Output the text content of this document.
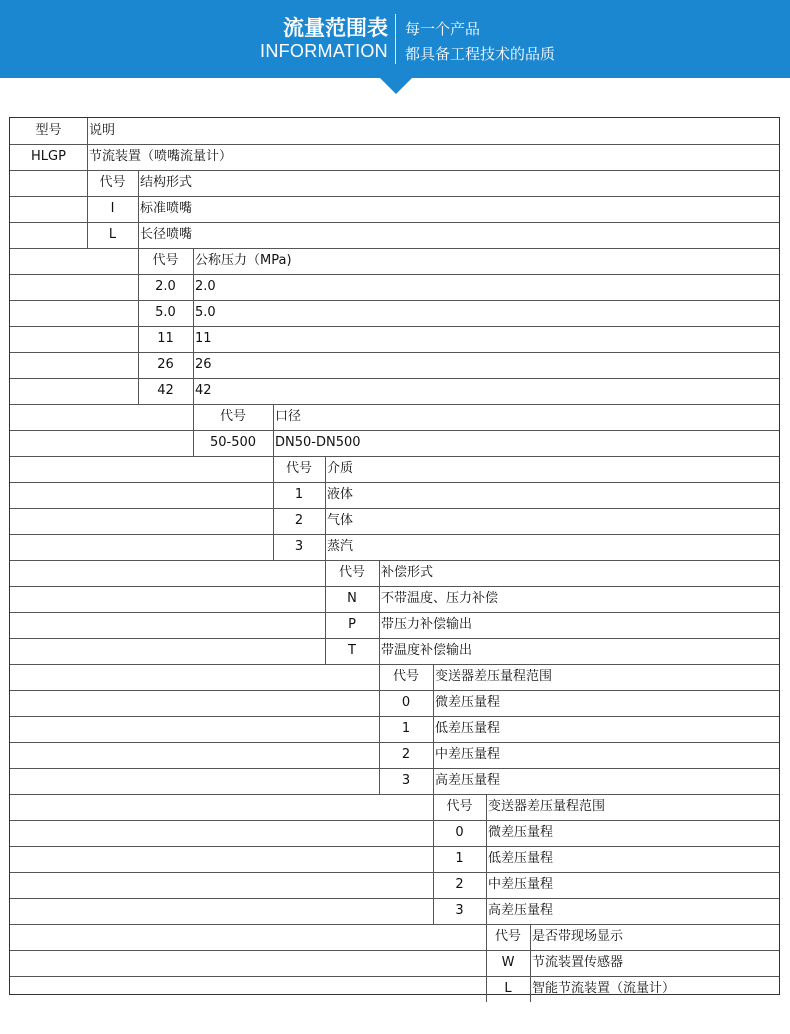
流量范围表
INFORMATION
每一个产品
都具备工程技术的品质
型号	说明
HLGP	节流装置（喷嘴流量计）
代号	结构形式
I	标准喷嘴
L	长径喷嘴
代号	公称压力（MPa)
2.0	2.0
5.0	5.0
11	11
26	26
42	42
代号	口径
50-500	DN50-DN500
代号	介质
1	液体
2	气体
3	蒸汽
代号	补偿形式
N	不带温度、压力补偿
P	带压力补偿输出
T	带温度补偿输出
代号	变送器差压量程范围
0	微差压量程
1	低差压量程
2	中差压量程
3	高差压量程
代号	变送器差压量程范围
0	微差压量程
1	低差压量程
2	中差压量程
3	高差压量程
代号 是否带现场显示
W	节流装置传感器
L	智能节流装置（流量计）
